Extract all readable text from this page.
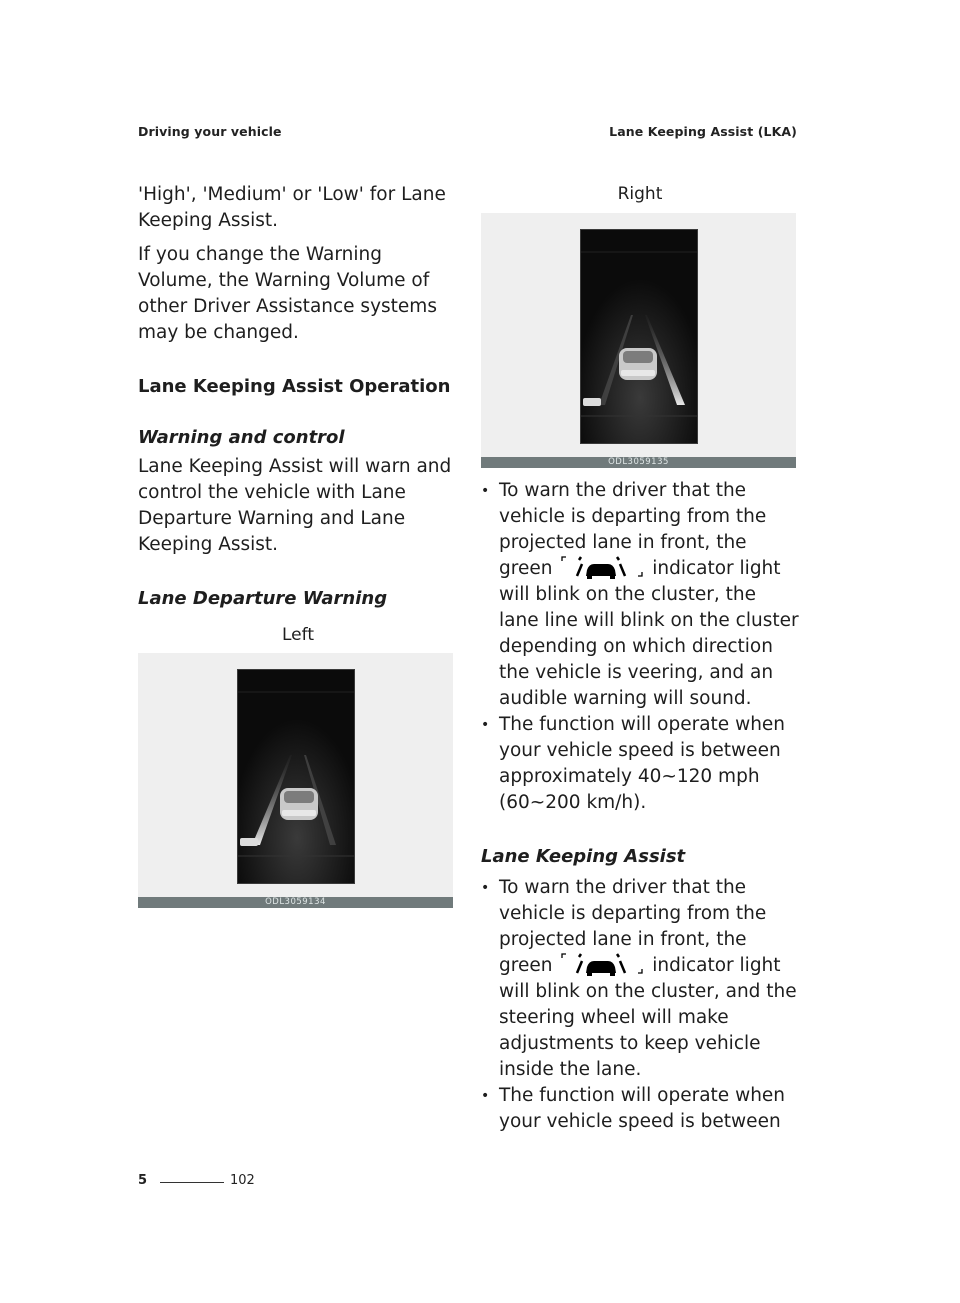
Driving your vehicle	Lane Keeping Assist (LKA)

'High', 'Medium' or 'Low' for Lane Keeping Assist.

If you change the Warning Volume, the Warning Volume of other Driver Assistance systems may be changed.

Lane Keeping Assist Operation
Warning and control

Lane Keeping Assist will warn and control the vehicle with Lane Departure Warning and Lane Keeping Assist.

Lane Departure Warning
Left
ODL3059134
Right
ODL3059135
• To warn the driver that the vehicle is departing from the projected lane in front, the green	indicator light will blink on the cluster, the lane line will blink on the cluster depending on which direction the vehicle is veering, and an audible warning will sound.
• The function will operate when your vehicle speed is between approximately 40~120 mph (60~200 km/h).
Lane Keeping Assist
• To warn the driver that the vehicle is departing from the projected lane in front, the green	indicator light will blink on the cluster, and the steering wheel will make adjustments to keep vehicle inside the lane.
• The function will operate when your vehicle speed is between
5	102
